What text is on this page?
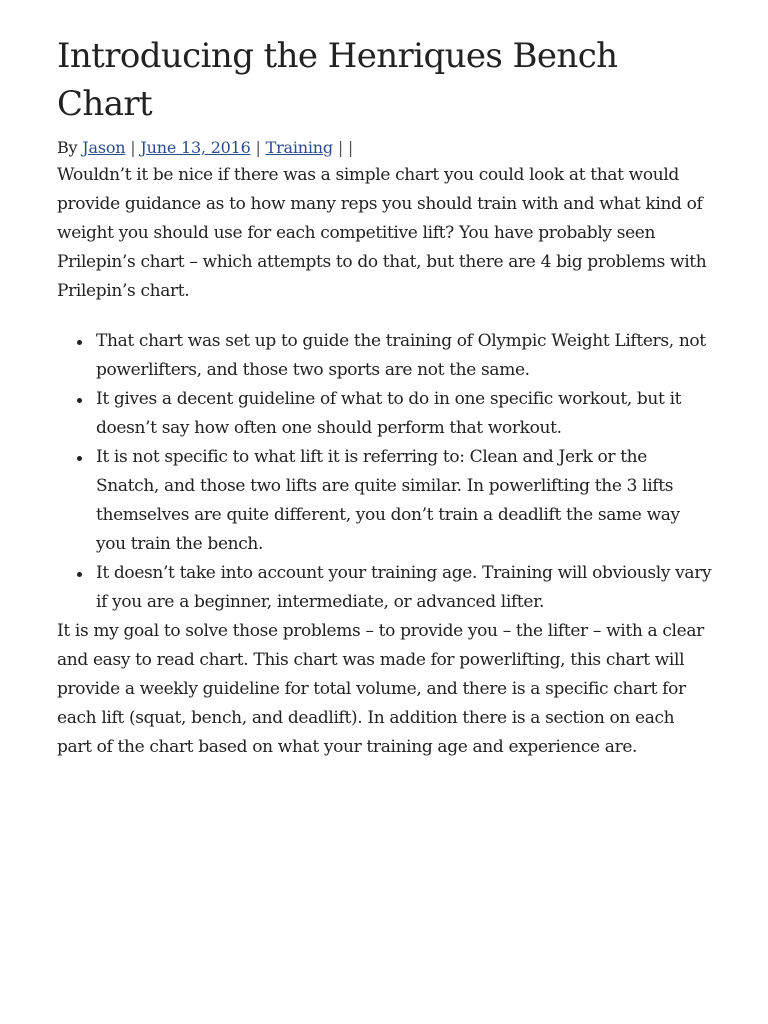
Introducing the Henriques Bench Chart
By Jason | June 13, 2016 | Training | |

Wouldn’t it be nice if there was a simple chart you could look at that would provide guidance as to how many reps you should train with and what kind of weight you should use for each competitive lift? You have probably seen Prilepin’s chart – which attempts to do that, but there are 4 big problems with Prilepin’s chart.

That chart was set up to guide the training of Olympic Weight Lifters, not powerlifters, and those two sports are not the same.
It gives a decent guideline of what to do in one specific workout, but it doesn’t say how often one should perform that workout.
It is not specific to what lift it is referring to: Clean and Jerk or the Snatch, and those two lifts are quite similar. In powerlifting the 3 lifts themselves are quite different, you don’t train a deadlift the same way you train the bench.
It doesn’t take into account your training age. Training will obviously vary if you are a beginner, intermediate, or advanced lifter.

It is my goal to solve those problems – to provide you – the lifter – with a clear and easy to read chart. This chart was made for powerlifting, this chart will provide a weekly guideline for total volume, and there is a specific chart for each lift (squat, bench, and deadlift). In addition there is a section on each part of the chart based on what your training age and experience are.
